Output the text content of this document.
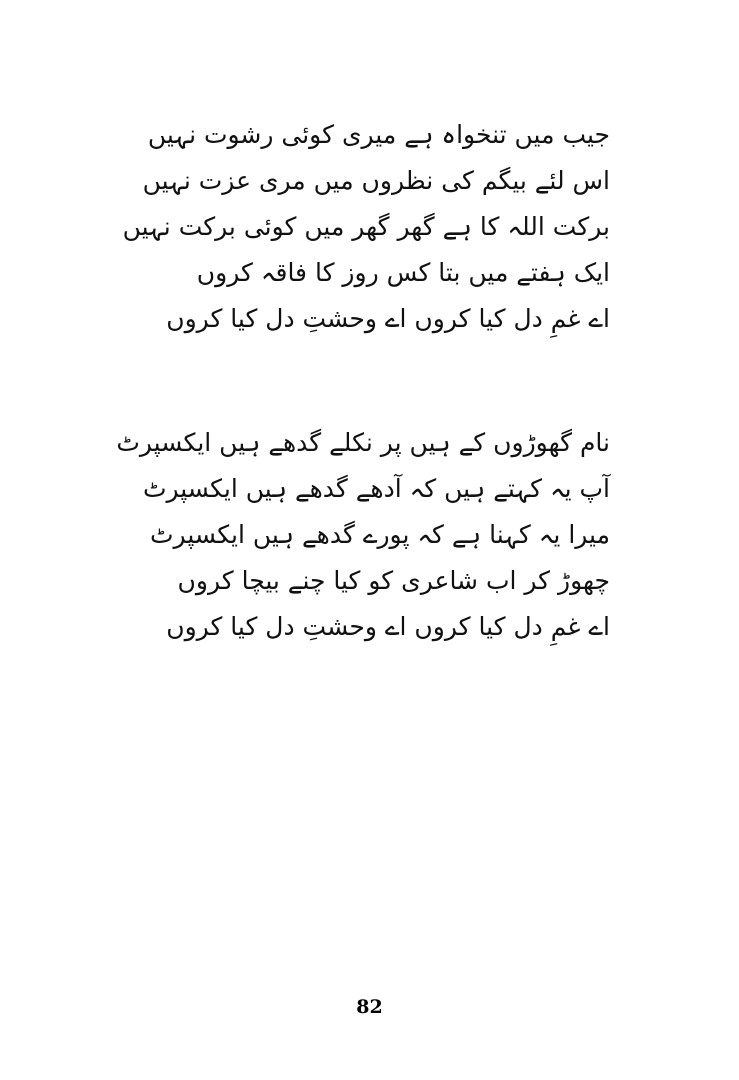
جیب میں تنخواہ ہے میری کوئی رشوت نہیں
اس لئے بیگم کی نظروں میں مری عزت نہیں
برکت اللہ کا ہے گھر گھر میں کوئی برکت نہیں
ایک ہفتے میں بتا کس روز کا فاقہ کروں
اے غمِ دل کیا کروں اے وحشتِ دل کیا کروں
نام گھوڑوں کے ہیں پر نکلے گدھے ہیں ایکسپرٹ
آپ یہ کہتے ہیں کہ آدھے گدھے ہیں ایکسپرٹ
میرا یہ کہنا ہے کہ پورے گدھے ہیں ایکسپرٹ
چھوڑ کر اب شاعری کو کیا چنے بیچا کروں
اے غمِ دل کیا کروں اے وحشتِ دل کیا کروں
82
